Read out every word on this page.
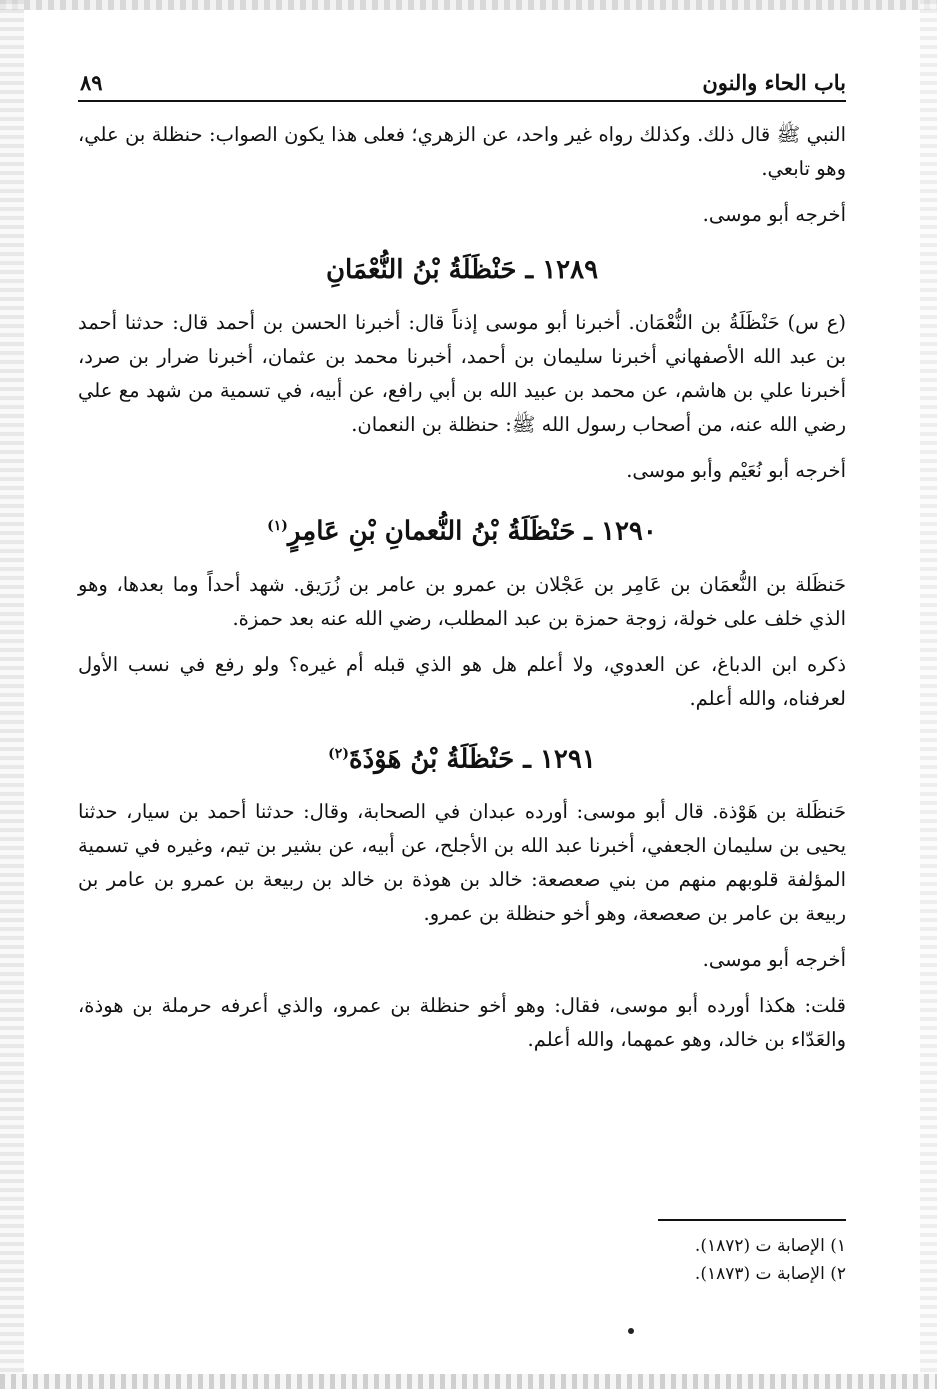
باب الحاء والنون
٨٩

النبي ﷺ قال ذلك. وكذلك رواه غير واحد، عن الزهري؛ فعلى هذا يكون الصواب: حنظلة بن علي، وهو تابعي.

أخرجه أبو موسى.

١٢٨٩ ـ حَنْظَلَةُ بْنُ النُّعْمَانِ

(ع س) حَنْظَلَةُ بن النُّعْمَان. أخبرنا أبو موسى إذناً قال: أخبرنا الحسن بن أحمد قال: حدثنا أحمد بن عبد الله الأصفهاني أخبرنا سليمان بن أحمد، أخبرنا محمد بن عثمان، أخبرنا ضرار بن صرد، أخبرنا علي بن هاشم، عن محمد بن عبيد الله بن أبي رافع، عن أبيه، في تسمية من شهد مع علي رضي الله عنه، من أصحاب رسول الله ﷺ: حنظلة بن النعمان.

أخرجه أبو نُعَيْم وأبو موسى.

١٢٩٠ ـ حَنْظَلَةُ بْنُ النُّعمانِ بْنِ عَامِرٍ$^{(١)}$

حَنظَلة بن النُّعمَان بن عَامِر بن عَجْلان بن عمرو بن عامر بن زُرَيق. شهد أحداً وما بعدها، وهو الذي خلف على خولة، زوجة حمزة بن عبد المطلب، رضي الله عنه بعد حمزة.

ذكره ابن الدباغ، عن العدوي، ولا أعلم هل هو الذي قبله أم غيره؟ ولو رفع في نسب الأول لعرفناه، والله أعلم.

١٢٩١ ـ حَنْظَلَةُ بْنُ هَوْذَةَ$^{(٢)}$

حَنظَلة بن هَوْذة. قال أبو موسى: أورده عبدان في الصحابة، وقال: حدثنا أحمد بن سيار، حدثنا يحيى بن سليمان الجعفي، أخبرنا عبد الله بن الأجلح، عن أبيه، عن بشير بن تيم، وغيره في تسمية المؤلفة قلوبهم منهم من بني صعصعة: خالد بن هوذة بن خالد بن ربيعة بن عمرو بن عامر بن ربيعة بن عامر بن صعصعة، وهو أخو حنظلة بن عمرو.

أخرجه أبو موسى.

قلت: هكذا أورده أبو موسى، فقال: وهو أخو حنظلة بن عمرو، والذي أعرفه حرملة بن هوذة، والعَدّاء بن خالد، وهو عمهما، والله أعلم.

١) الإصابة ت (١٨٧٢).

٢) الإصابة ت (١٨٧٣).
